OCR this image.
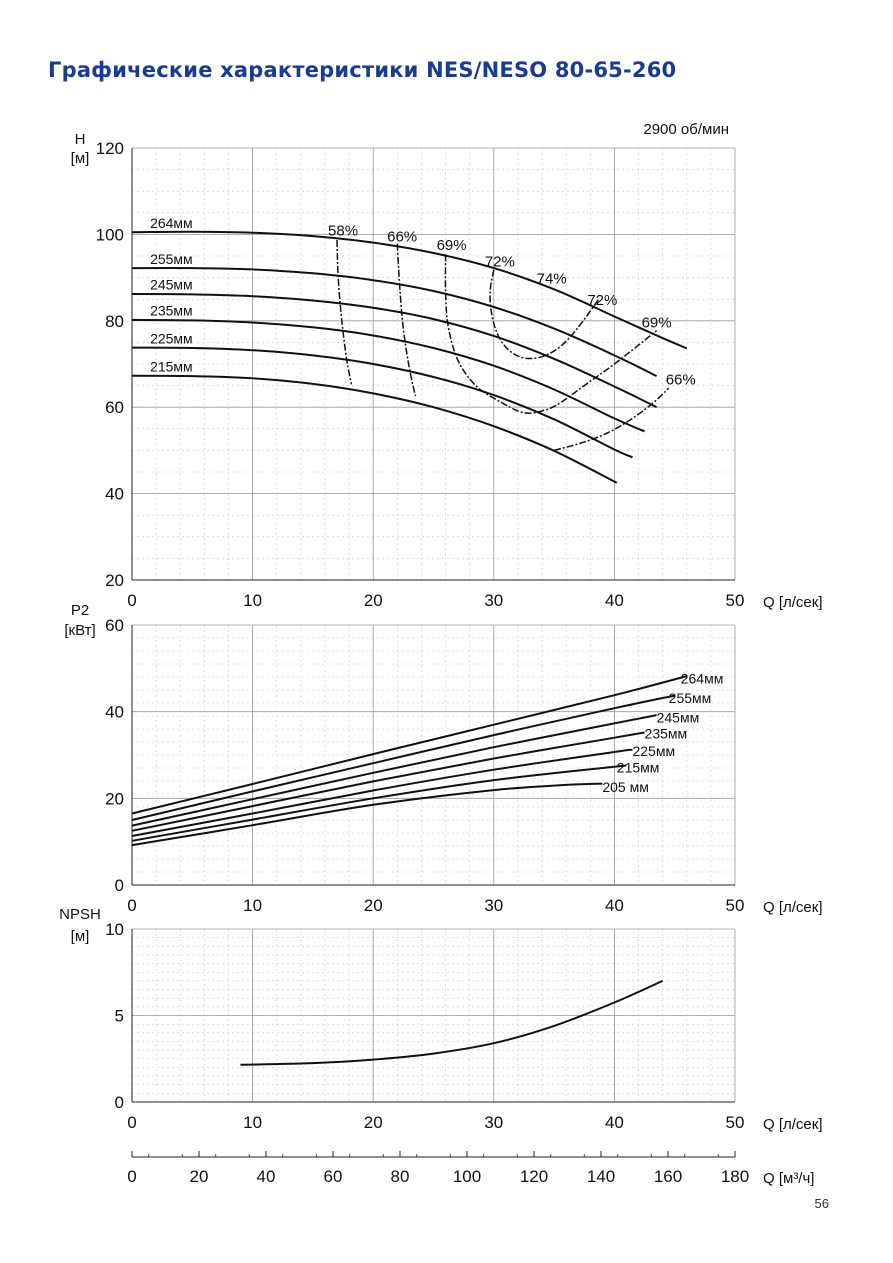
Графические характеристики NES/NESO 80-65-260
56
0	10	20	30	40	50
20
40
60
80
100
120
Q [л/сек]
H
[м]
58% 66%
69%
72%
74%
72%
69%
66%
264мм
255мм
245мм
235мм
225мм
215мм
2900 об/мин
0	10	20	30	40	50
0
20
40
60
Q [л/сек]
P2
[кВт]
264мм
255мм
245мм
235мм
225мм
215мм
205 мм
0	10	20	30	40	50
0
5
10
Q [л/сек]
NPSH
[м]
0	20	40	60	80	100 120 140 160 180 Q [м³/ч]
